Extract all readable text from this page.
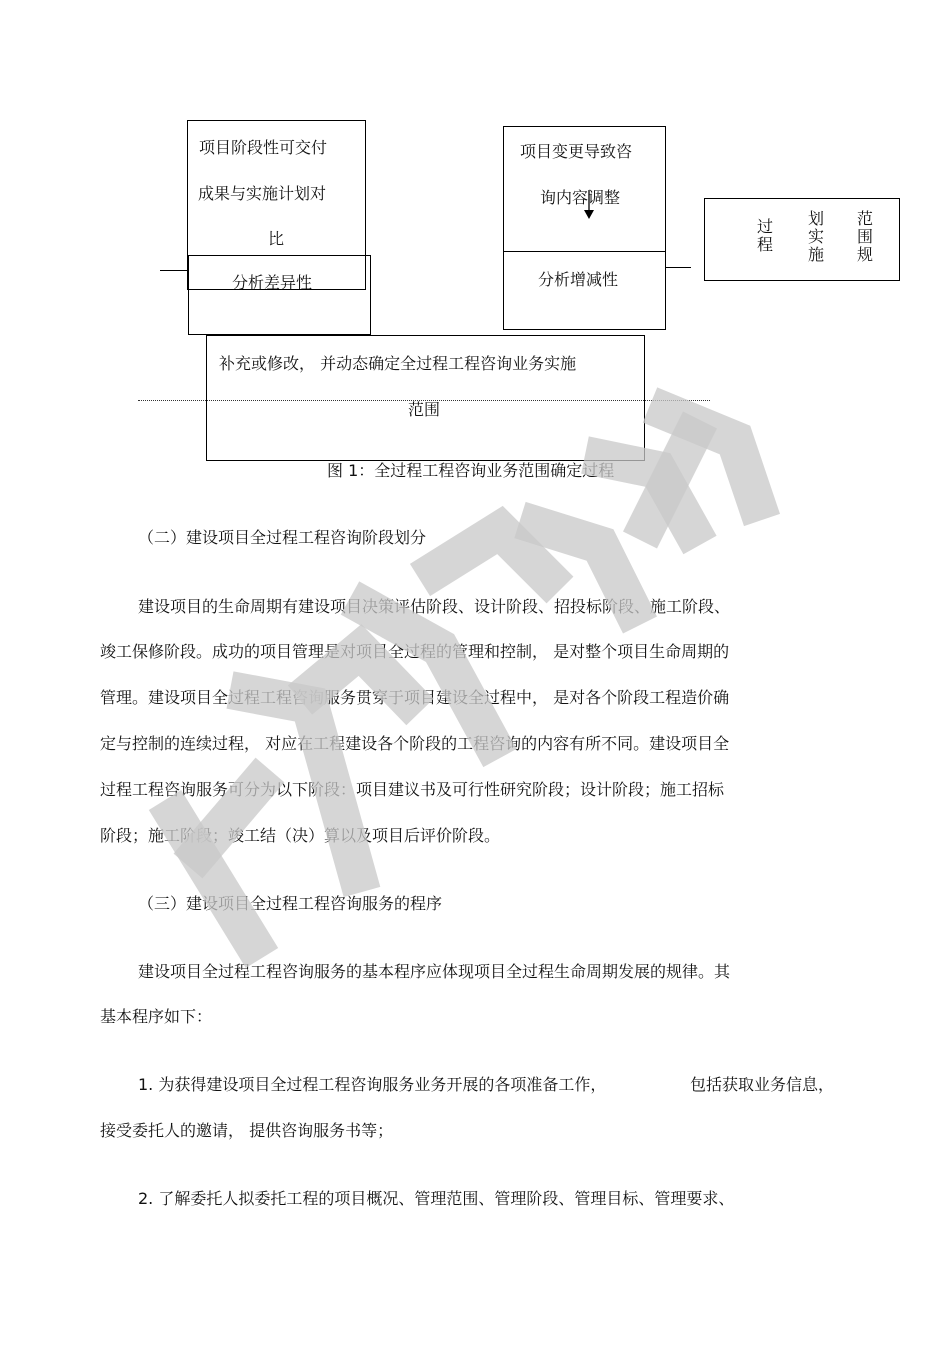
项目阶段性可交付
成果与实施计划对
比
分析差异性
项目变更导致咨
询内容调整
分析增减性
过程
划实施
范围规
补充或修改， 并动态确定全过程工程咨询业务实施
范围
图 1：全过程工程咨询业务范围确定过程
（二）建设项目全过程工程咨询阶段划分
建设项目的生命周期有建设项目决策评估阶段、设计阶段、招投标阶段、施工阶段、
竣工保修阶段。成功的项目管理是对项目全过程的管理和控制， 是对整个项目生命周期的
管理。建设项目全过程工程咨询服务贯穿于项目建设全过程中， 是对各个阶段工程造价确
定与控制的连续过程， 对应在工程建设各个阶段的工程咨询的内容有所不同。建设项目全
过程工程咨询服务可分为以下阶段：项目建议书及可行性研究阶段；设计阶段；施工招标
阶段；施工阶段；竣工结（决）算以及项目后评价阶段。
（三）建设项目全过程工程咨询服务的程序
建设项目全过程工程咨询服务的基本程序应体现项目全过程生命周期发展的规律。其
基本程序如下：
1. 为获得建设项目全过程工程咨询服务业务开展的各项准备工作，	包括获取业务信息，
接受委托人的邀请， 提供咨询服务书等；
2. 了解委托人拟委托工程的项目概况、管理范围、管理阶段、管理目标、管理要求、
